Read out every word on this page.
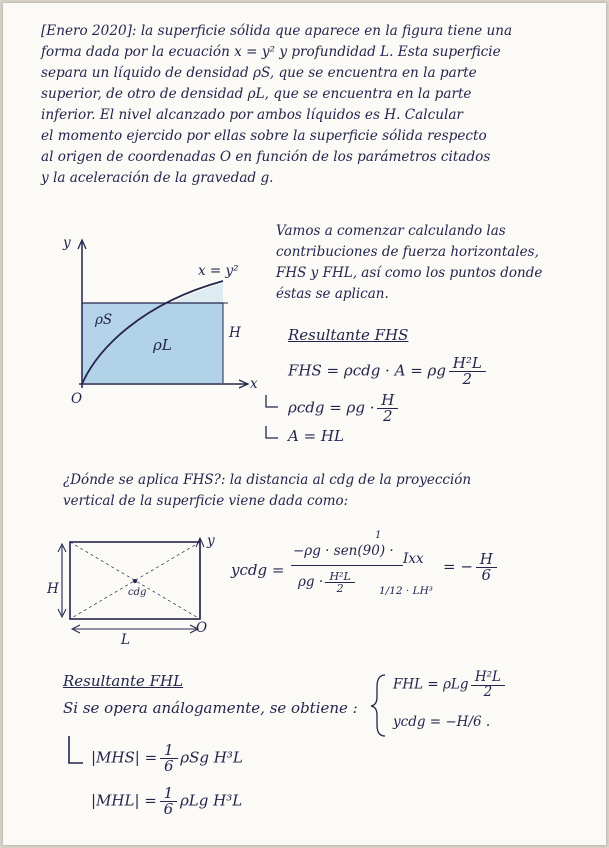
[Enero 2020]: la superficie sólida que aparece en la figura tiene una
forma dada por la ecuación x = y² y profundidad L. Esta superficie
separa un líquido de densidad ρS, que se encuentra en la parte
superior, de otro de densidad ρL, que se encuentra en la parte
inferior. El nivel alcanzado por ambos líquidos es H. Calcular
el momento ejercido por ellas sobre la superficie sólida respecto
al origen de coordenadas O en función de los parámetros citados
y la aceleración de la gravedad g.
y
x
O
x = y²
ρS
ρL
H
Vamos a comenzar calculando las
contribuciones de fuerza horizontales,
FHS y FHL, así como los puntos donde
éstas se aplican.
Resultante FHS
FHS = ρcdg · A = ρg $\frac{\text{H²L}}{2}$
$\rho cdg = \rho g \cdot \frac{H}{2}$
A = HL
¿Dónde se aplica FHS?: la distancia al cdg de la proyección
vertical de la superficie viene dada como:
H
L
O
y
cdg
ycdg =
−ρg · sen(90) ·
1
$\rho g \cdot \frac{\text{H²L}}{2}$
Ixx
1/12 · LH³
= − $\frac{H}{6}$
Resultante FHL
Si se opera análogamente, se obtiene :
FHL = ρLg $\frac{\text{H²L}}{2}$
ycdg = −H/6 .
$|MHS| = \frac{1}{6}$ ρSg H³L
$|MHL| = \frac{1}{6}$ ρLg H³L
